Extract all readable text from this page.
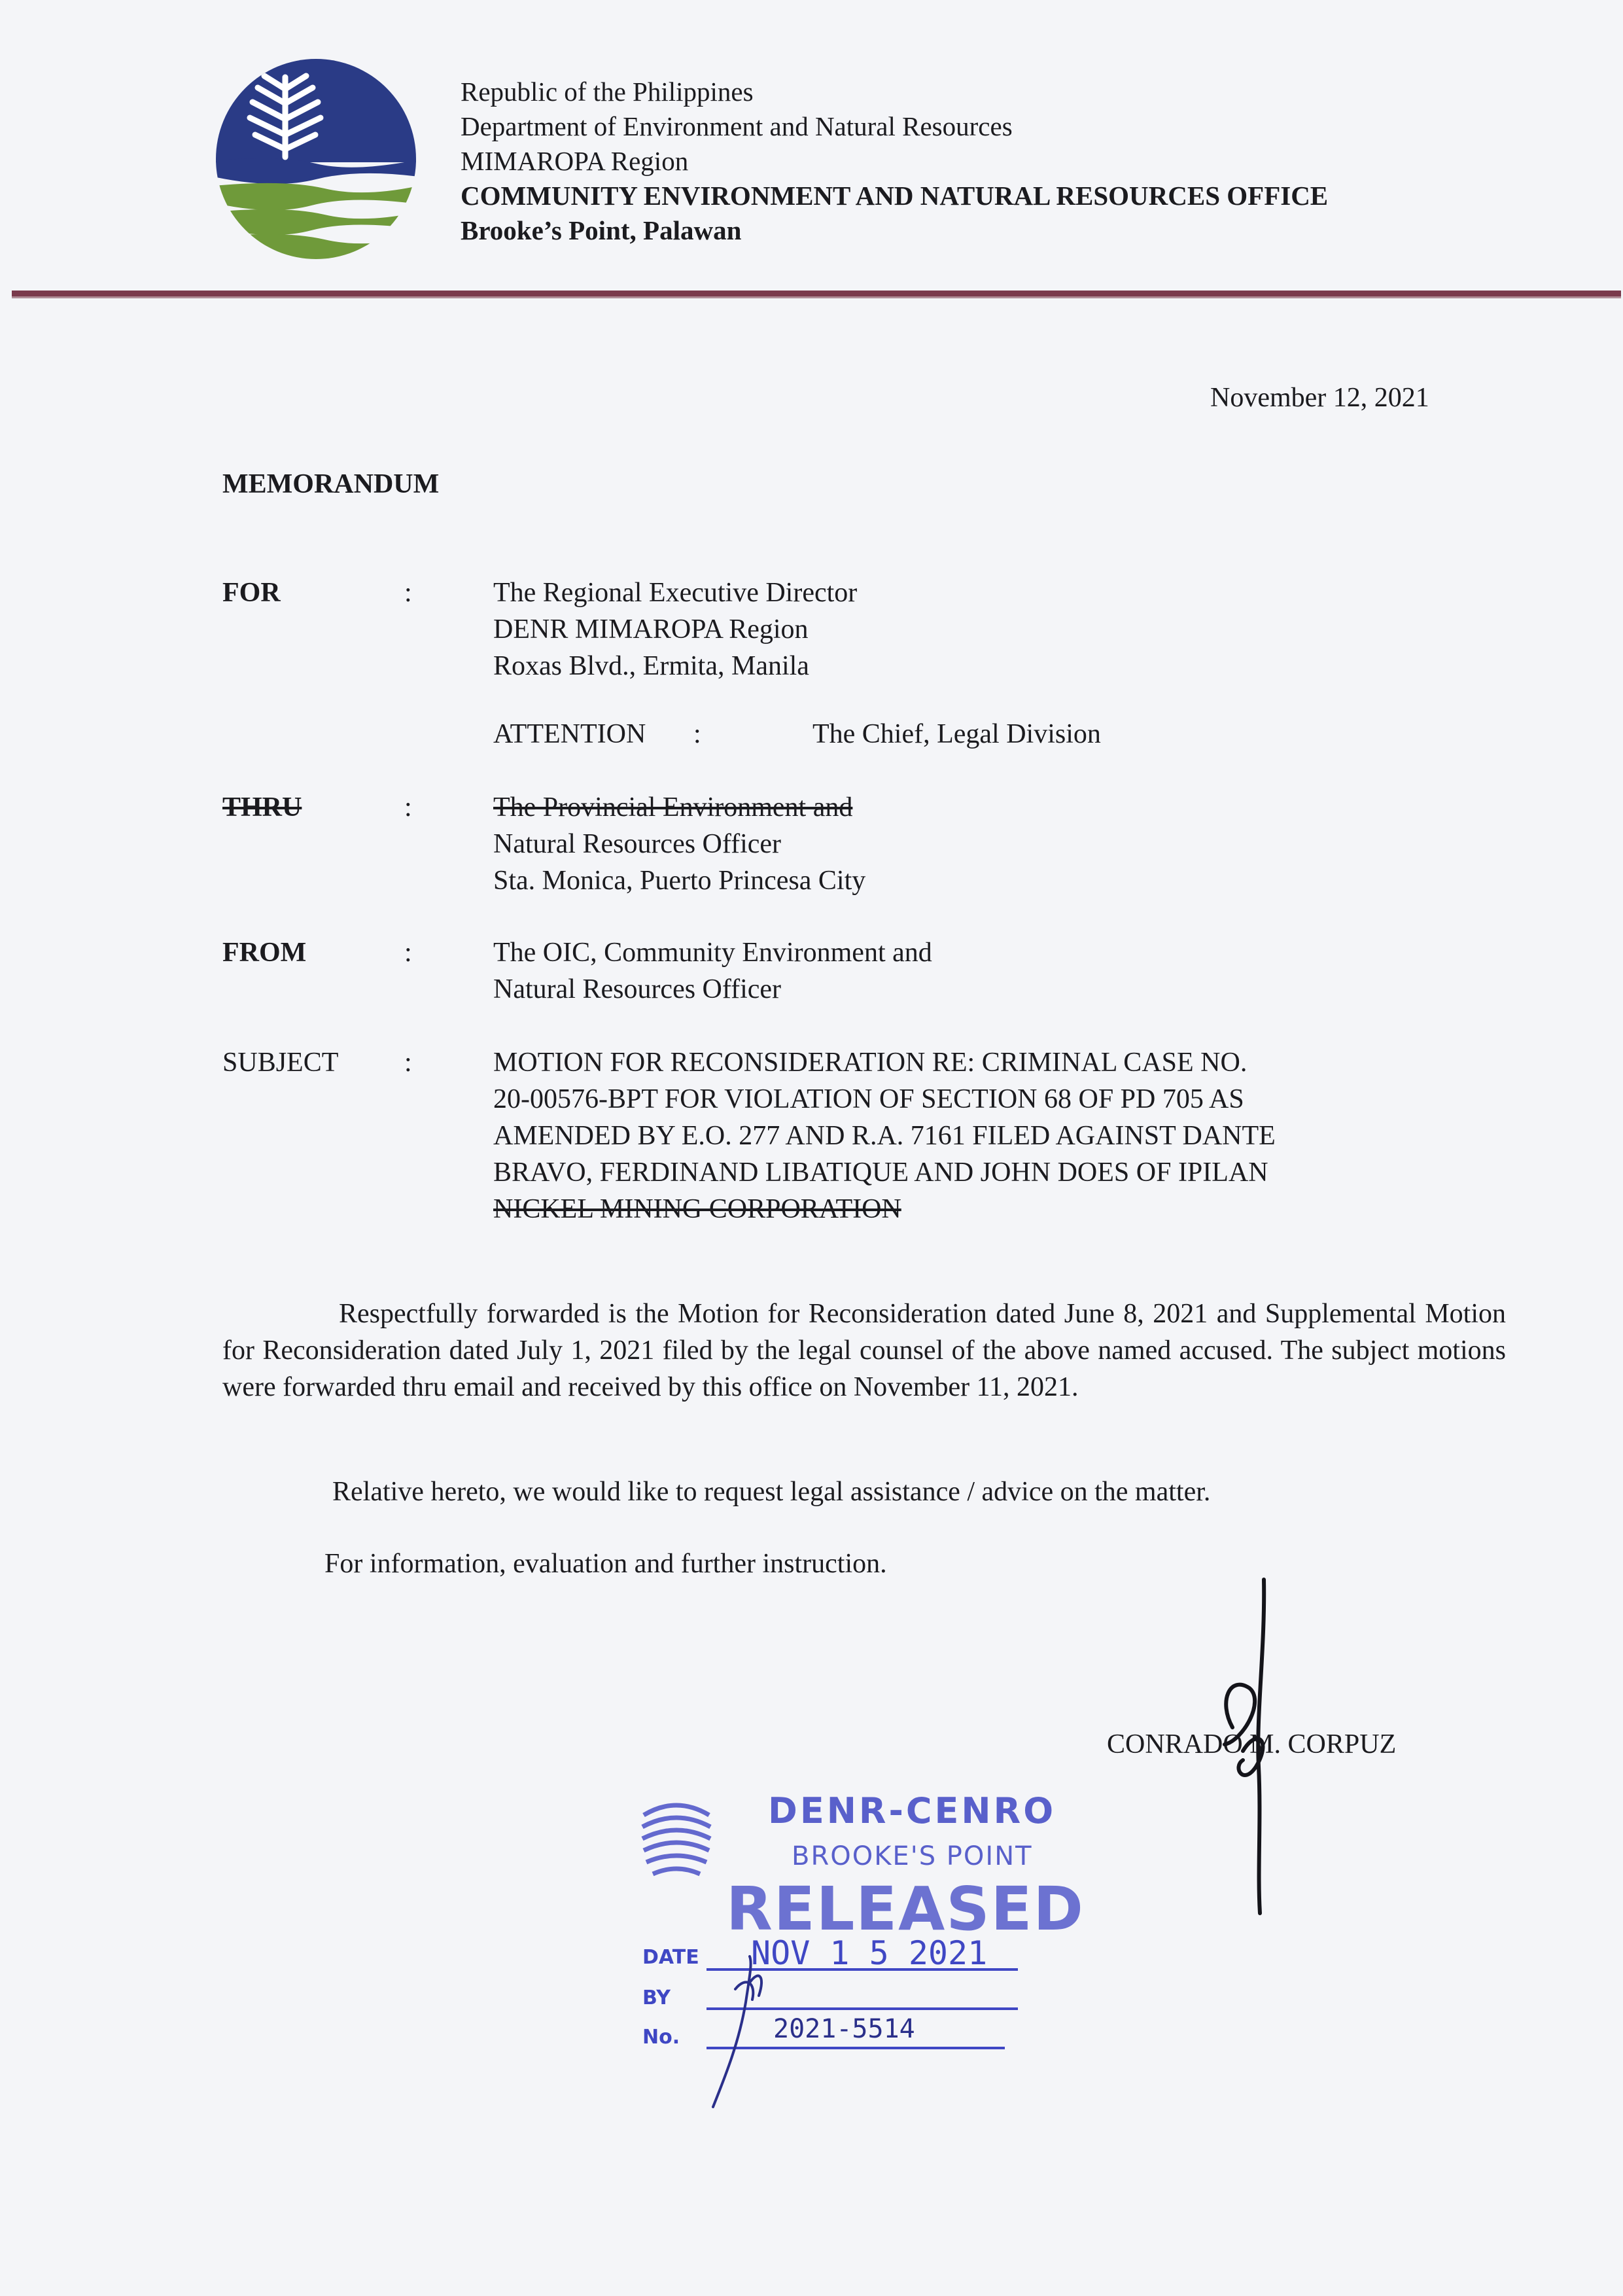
Republic of the Philippines
Department of Environment and Natural Resources
MIMAROPA Region
COMMUNITY ENVIRONMENT AND NATURAL RESOURCES OFFICE
Brooke’s Point, Palawan
November 12, 2021
MEMORANDUM
FOR	:	The Regional Executive Director
DENR MIMAROPA Region
Roxas Blvd., Ermita, Manila
ATTENTION :	The Chief, Legal Division
THRU	:	The Provincial Environment and
Natural Resources Officer
Sta. Monica, Puerto Princesa City
FROM	:	The OIC, Community Environment and
Natural Resources Officer
SUBJECT :	MOTION FOR RECONSIDERATION RE: CRIMINAL CASE NO.
20-00576-BPT FOR VIOLATION OF SECTION 68 OF PD 705 AS
AMENDED BY E.O. 277 AND R.A. 7161 FILED AGAINST DANTE
BRAVO, FERDINAND LIBATIQUE AND JOHN DOES OF IPILAN
NICKEL MINING CORPORATION
Respectfully forwarded is the Motion for Reconsideration dated June 8, 2021 and Supplemental Motion for Reconsideration dated July 1, 2021 filed by the legal counsel of the above named accused. The subject motions were forwarded thru email and received by this office on November 11, 2021.
Relative hereto, we would like to request legal assistance / advice on the matter.
For information, evaluation and further instruction.
CONRADO M. CORPUZ
DENR-CENRO
BROOKE'S POINT
RELEASED
DATE NOV 1 5 2021
BY
No.	2021-5514
